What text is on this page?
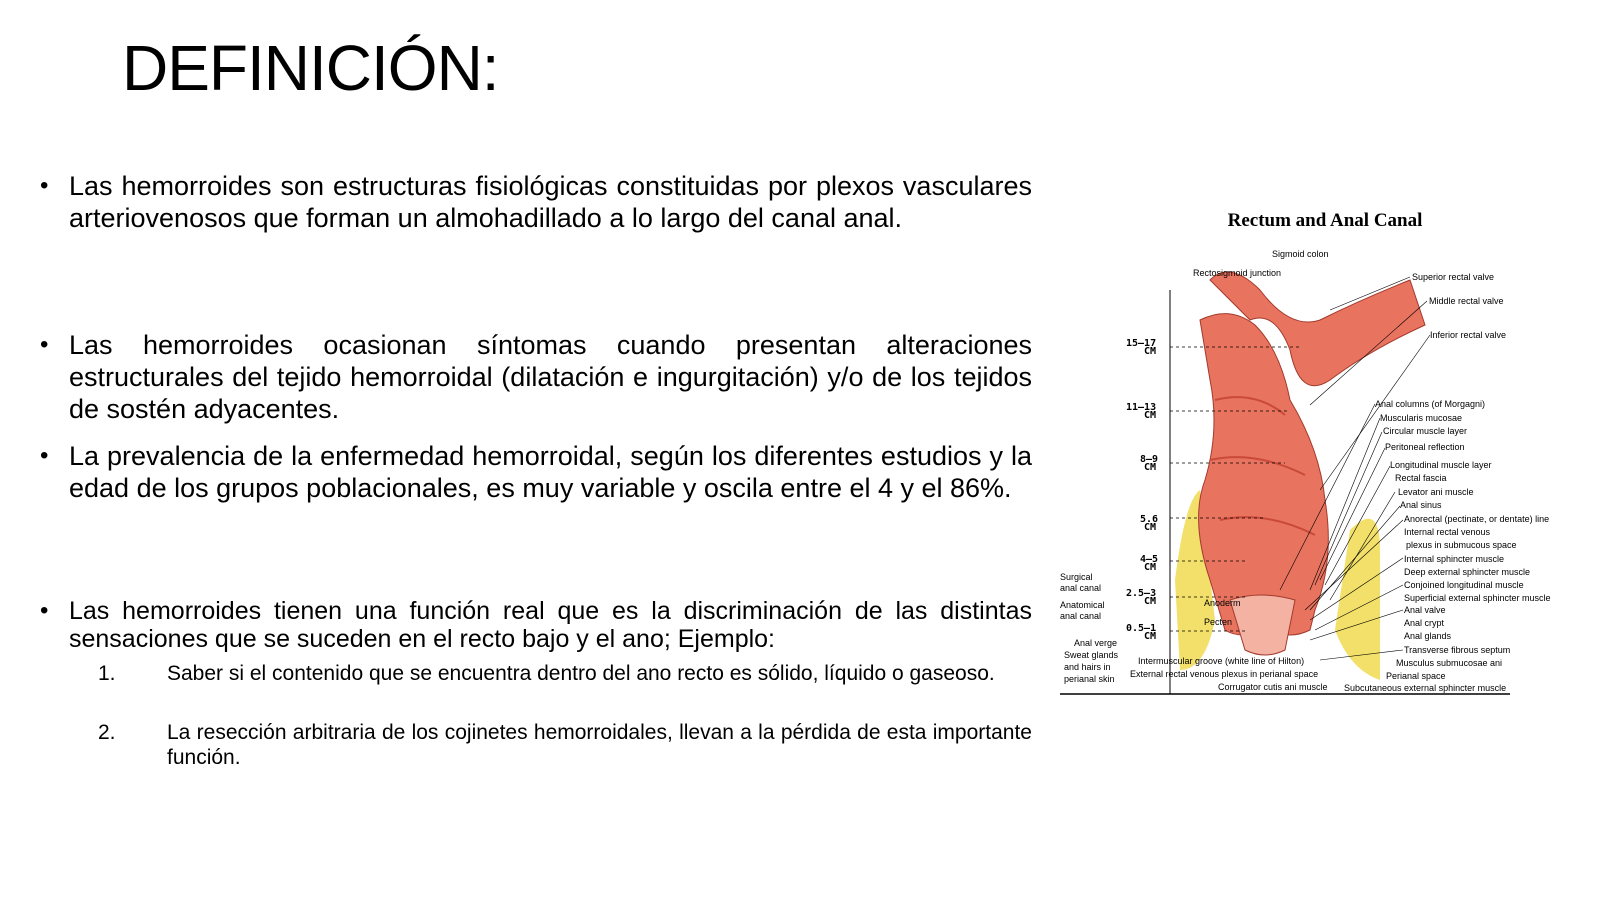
DEFINICIÓN:
• Las hemorroides son estructuras fisiológicas constituidas por plexos vasculares arteriovenosos que forman un almohadillado a lo largo del canal anal.
• Las hemorroides ocasionan síntomas cuando presentan alteraciones estructurales del tejido hemorroidal (dilatación e ingurgitación) y/o de los tejidos de sostén adyacentes.
• La prevalencia de la enfermedad hemorroidal, según los diferentes estudios y la edad de los grupos poblacionales, es muy variable y oscila entre el 4 y el 86%.
• Las hemorroides tienen una función real que es la discriminación de las distintas sensaciones que se suceden en el recto bajo y el ano; Ejemplo:
1. Saber si el contenido que se encuentra dentro del ano recto es sólido, líquido o gaseoso.
2. La resección arbitraria de los cojinetes hemorroidales, llevan a la pérdida de esta importante función.
Rectum and Anal Canal
15–17
CM
11–13
CM
8–9
CM
5.6
CM
4–5
CM
2.5–3
CM
0.5–1
CM
Sigmoid colon
Rectosigmoid junction
Surgical
anal canal
Anatomical
anal canal
Anal verge
Sweat glands
and hairs in
perianal skin
Anoderm
Pecten
Intermuscular groove (white line of Hilton)
External rectal venous plexus in perianal space
Corrugator cutis ani muscle
Superior rectal valve
Middle rectal valve
Inferior rectal valve
Anal columns (of Morgagni)
Muscularis mucosae
Circular muscle layer
Peritoneal reflection
Longitudinal muscle layer
Rectal fascia
Levator ani muscle
Anal sinus
Anorectal (pectinate, or dentate) line
Internal rectal venous
plexus in submucous space
Internal sphincter muscle
Deep external sphincter muscle
Conjoined longitudinal muscle
Superficial external sphincter muscle
Anal valve
Anal crypt
Anal glands
Transverse fibrous septum
Musculus submucosae ani
Perianal space
Subcutaneous external sphincter muscle
